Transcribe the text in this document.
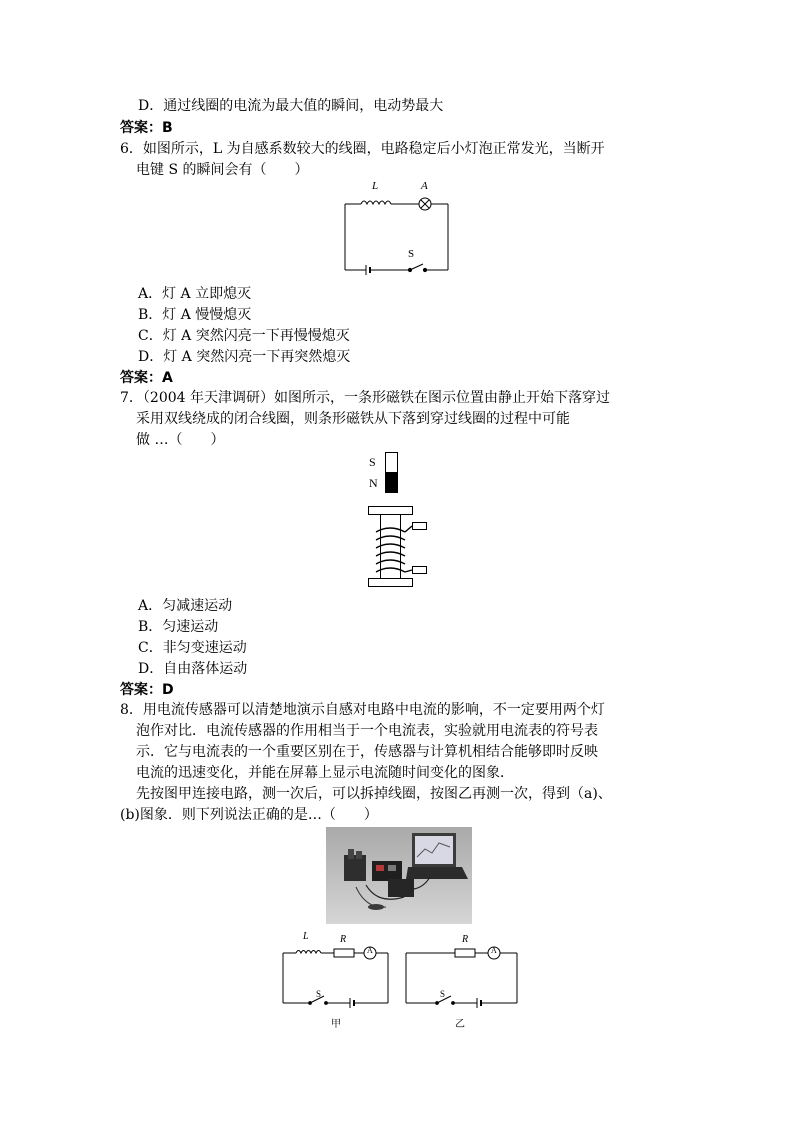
D．通过线圈的电流为最大值的瞬间，电动势最大
答案：B
6．如图所示，L 为自感系数较大的线圈，电路稳定后小灯泡正常发光，当断开
电键 S 的瞬间会有（　　）
L	A
S
A．灯 A 立即熄灭
B．灯 A 慢慢熄灭
C．灯 A 突然闪亮一下再慢慢熄灭
D．灯 A 突然闪亮一下再突然熄灭
答案：A
7．（2004 年天津调研）如图所示，一条形磁铁在图示位置由静止开始下落穿过
采用双线绕成的闭合线圈，则条形磁铁从下落到穿过线圈的过程中可能
做 …（　　）
S
N
A．匀减速运动
B．匀速运动
C．非匀变速运动
D．自由落体运动
答案：D
8．用电流传感器可以清楚地演示自感对电路中电流的影响，不一定要用两个灯
泡作对比．电流传感器的作用相当于一个电流表，实验就用电流表的符号表
示．它与电流表的一个重要区别在于，传感器与计算机相结合能够即时反映
电流的迅速变化，并能在屏幕上显示电流随时间变化的图象．
先按图甲连接电路，测一次后，可以拆掉线圈，按图乙再测一次，得到（a)、
(b)图象．则下列说法正确的是…（　　）
L	R
A
S
甲
R
A
S
乙
